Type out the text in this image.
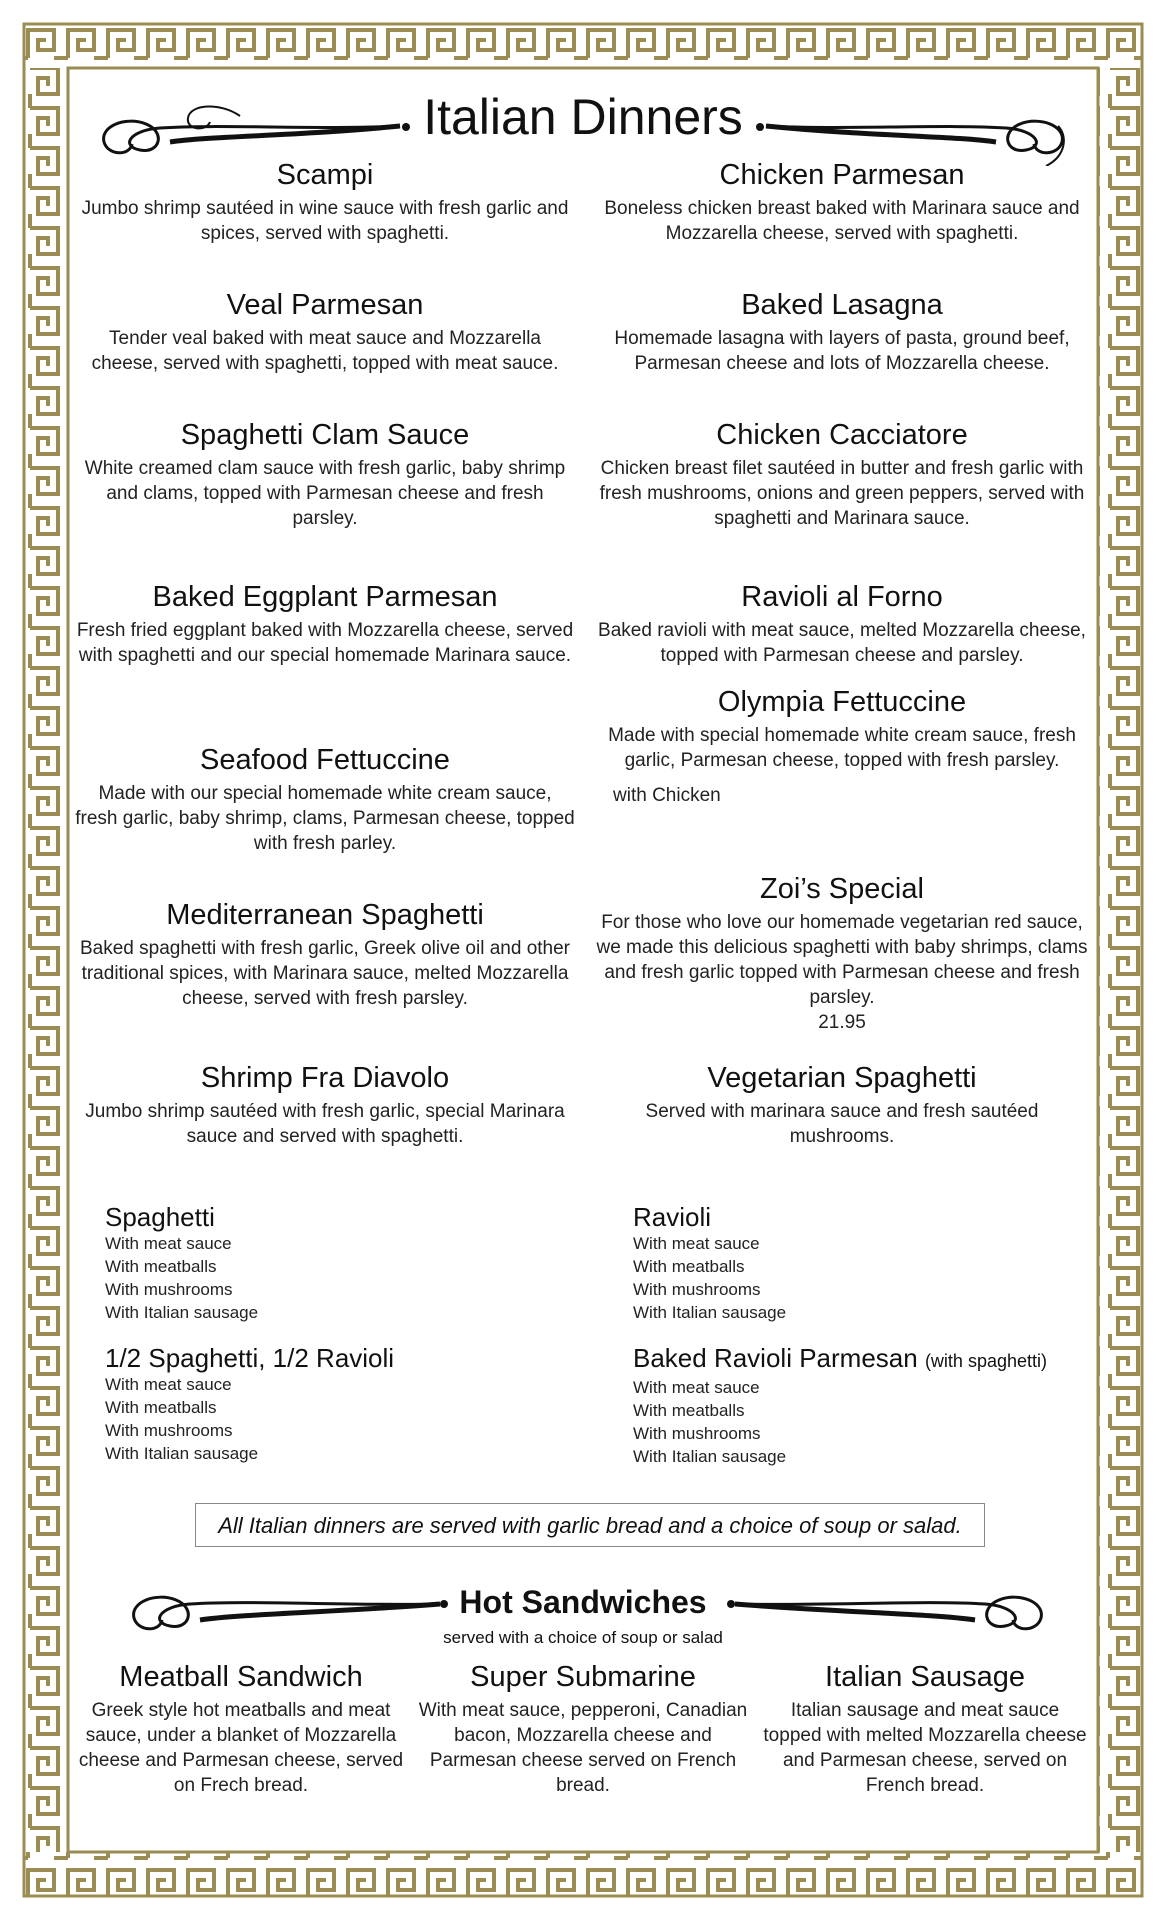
Italian Dinners
Scampi
Jumbo shrimp sautéed in wine sauce with fresh garlic and spices, served with spaghetti.
Chicken Parmesan
Boneless chicken breast baked with Marinara sauce and Mozzarella cheese, served with spaghetti.
Veal Parmesan
Tender veal baked with meat sauce and Mozzarella cheese, served with spaghetti, topped with meat sauce.
Baked Lasagna
Homemade lasagna with layers of pasta, ground beef, Parmesan cheese and lots of Mozzarella cheese.
Spaghetti Clam Sauce
White creamed clam sauce with fresh garlic, baby shrimp and clams, topped with Parmesan cheese and fresh parsley.
Chicken Cacciatore
Chicken breast filet sautéed in butter and fresh garlic with fresh mushrooms, onions and green peppers, served with spaghetti and Marinara sauce.
Baked Eggplant Parmesan
Fresh fried eggplant baked with Mozzarella cheese, served with spaghetti and our special homemade Marinara sauce.
Ravioli al Forno
Baked ravioli with meat sauce, melted Mozzarella cheese, topped with Parmesan cheese and parsley.
Olympia Fettuccine
Made with special homemade white cream sauce, fresh garlic, Parmesan cheese, topped with fresh parsley.
with Chicken
Seafood Fettuccine
Made with our special homemade white cream sauce, fresh garlic, baby shrimp, clams, Parmesan cheese, topped with fresh parley.
Zoi’s Special
For those who love our homemade vegetarian red sauce, we made this delicious spaghetti with baby shrimps, clams and fresh garlic topped with Parmesan cheese and fresh parsley.
21.95
Mediterranean Spaghetti
Baked spaghetti with fresh garlic, Greek olive oil and other traditional spices, with Marinara sauce, melted Mozzarella cheese, served with fresh parsley.
Shrimp Fra Diavolo
Jumbo shrimp sautéed with fresh garlic, special Marinara sauce and served with spaghetti.
Vegetarian Spaghetti
Served with marinara sauce and fresh sautéed mushrooms.
Spaghetti
With meat sauce
With meatballs
With mushrooms
With Italian sausage
Ravioli
With meat sauce
With meatballs
With mushrooms
With Italian sausage
1/2 Spaghetti, 1/2 Ravioli
With meat sauce
With meatballs
With mushrooms
With Italian sausage
Baked Ravioli Parmesan (with spaghetti)
With meat sauce
With meatballs
With mushrooms
With Italian sausage
All Italian dinners are served with garlic bread and a choice of soup or salad.
Hot Sandwiches
served with a choice of soup or salad
Meatball Sandwich
Greek style hot meatballs and meat sauce, under a blanket of Mozzarella cheese and Parmesan cheese, served on Frech bread.
Super Submarine
With meat sauce, pepperoni, Canadian bacon, Mozzarella cheese and Parmesan cheese served on French bread.
Italian Sausage
Italian sausage and meat sauce topped with melted Mozzarella cheese and Parmesan cheese, served on French bread.
